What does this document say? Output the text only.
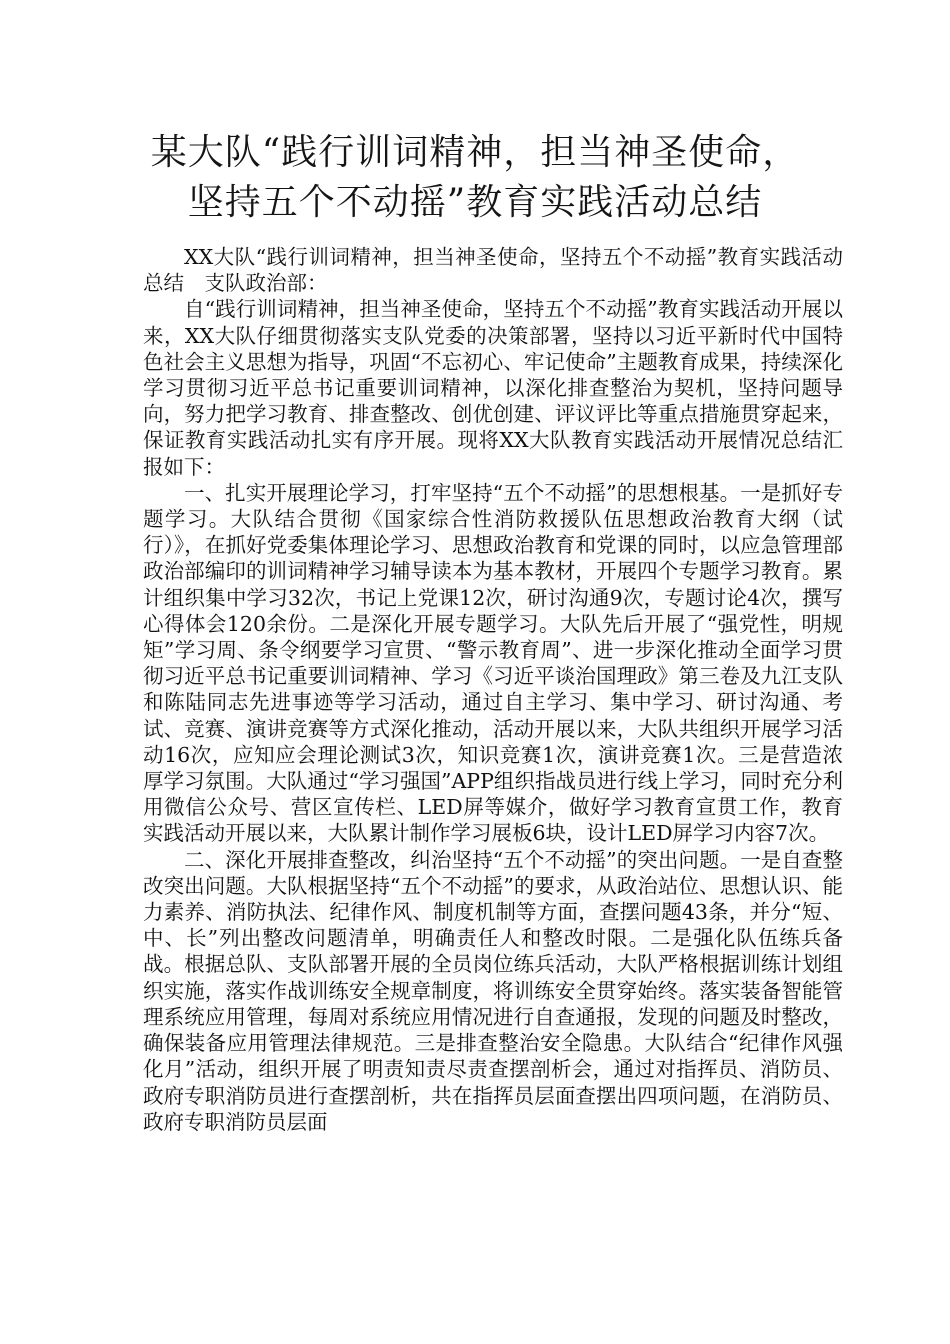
某大队“践行训词精神，担当神圣使命，
坚持五个不动摇”教育实践活动总结

XX大队“践行训词精神，担当神圣使命，坚持五个不动摇”教育实践活动总结　支队政治部：

自“践行训词精神，担当神圣使命，坚持五个不动摇”教育实践活动开展以来，XX大队仔细贯彻落实支队党委的决策部署，坚持以习近平新时代中国特色社会主义思想为指导，巩固“不忘初心、牢记使命”主题教育成果，持续深化学习贯彻习近平总书记重要训词精神，以深化排查整治为契机，坚持问题导向，努力把学习教育、排查整改、创优创建、评议评比等重点措施贯穿起来，保证教育实践活动扎实有序开展。现将XX大队教育实践活动开展情况总结汇报如下：

一、扎实开展理论学习，打牢坚持“五个不动摇”的思想根基。一是抓好专题学习。大队结合贯彻《国家综合性消防救援队伍思想政治教育大纲（试行）》，在抓好党委集体理论学习、思想政治教育和党课的同时，以应急管理部政治部编印的训词精神学习辅导读本为基本教材，开展四个专题学习教育。累计组织集中学习32次，书记上党课12次，研讨沟通9次，专题讨论4次，撰写心得体会120余份。二是深化开展专题学习。大队先后开展了“强党性，明规矩”学习周、条令纲要学习宣贯、“警示教育周”、进一步深化推动全面学习贯彻习近平总书记重要训词精神、学习《习近平谈治国理政》第三卷及九江支队和陈陆同志先进事迹等学习活动，通过自主学习、集中学习、研讨沟通、考试、竞赛、演讲竞赛等方式深化推动，活动开展以来，大队共组织开展学习活动16次，应知应会理论测试3次，知识竞赛1次，演讲竞赛1次。三是营造浓厚学习氛围。大队通过“学习强国”APP组织指战员进行线上学习，同时充分利用微信公众号、营区宣传栏、LED屏等媒介，做好学习教育宣贯工作，教育实践活动开展以来，大队累计制作学习展板6块，设计LED屏学习内容7次。

二、深化开展排查整改，纠治坚持“五个不动摇”的突出问题。一是自查整改突出问题。大队根据坚持“五个不动摇”的要求，从政治站位、思想认识、能力素养、消防执法、纪律作风、制度机制等方面，查摆问题43条，并分“短、中、长”列出整改问题清单，明确责任人和整改时限。二是强化队伍练兵备战。根据总队、支队部署开展的全员岗位练兵活动，大队严格根据训练计划组织实施，落实作战训练安全规章制度，将训练安全贯穿始终。落实装备智能管理系统应用管理，每周对系统应用情况进行自查通报，发现的问题及时整改，确保装备应用管理法律规范。三是排查整治安全隐患。大队结合“纪律作风强化月”活动，组织开展了明责知责尽责查摆剖析会，通过对指挥员、消防员、政府专职消防员进行查摆剖析，共在指挥员层面查摆出四项问题，在消防员、政府专职消防员层面
